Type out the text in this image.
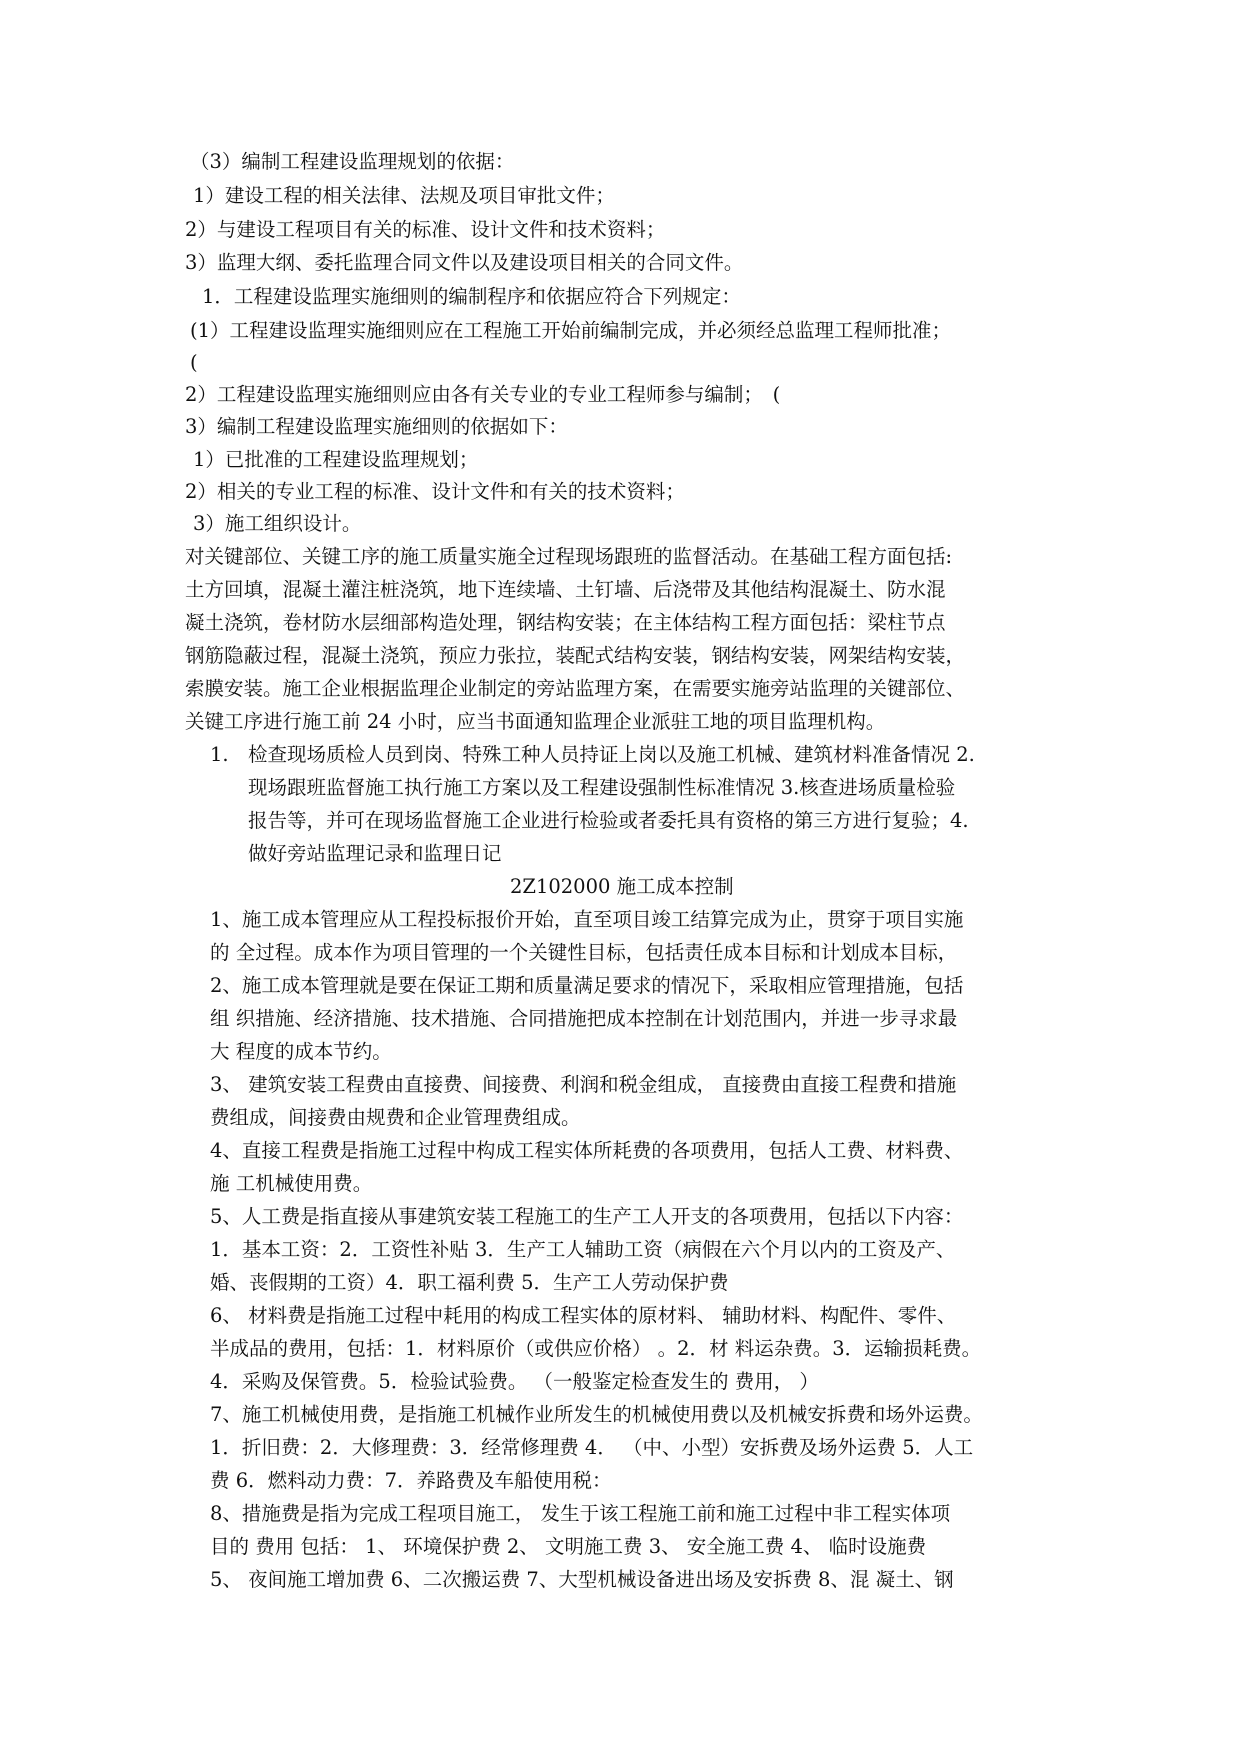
（3）编制工程建设监理规划的依据：
1）建设工程的相关法律、法规及项目审批文件；
2）与建设工程项目有关的标准、设计文件和技术资料；
3）监理大纲、委托监理合同文件以及建设项目相关的合同文件。
1．工程建设监理实施细则的编制程序和依据应符合下列规定：
(1）工程建设监理实施细则应在工程施工开始前编制完成，并必须经总监理工程师批准；
(
2）工程建设监理实施细则应由各有关专业的专业工程师参与编制；　(
3）编制工程建设监理实施细则的依据如下：
1）已批准的工程建设监理规划；
2）相关的专业工程的标准、设计文件和有关的技术资料；
3）施工组织设计。
对关键部位、关键工序的施工质量实施全过程现场跟班的监督活动。在基础工程方面包括:
土方回填，混凝土灌注桩浇筑，地下连续墙、土钉墙、后浇带及其他结构混凝土、防水混
凝土浇筑，卷材防水层细部构造处理，钢结构安装；在主体结构工程方面包括：梁柱节点
钢筋隐蔽过程，混凝土浇筑，预应力张拉，装配式结构安装，钢结构安装，网架结构安装，
索膜安装。施工企业根据监理企业制定的旁站监理方案，在需要实施旁站监理的关键部位、
关键工序进行施工前 24 小时，应当书面通知监理企业派驻工地的项目监理机构。
1. 检查现场质检人员到岗、特殊工种人员持证上岗以及施工机械、建筑材料准备情况 2.
现场跟班监督施工执行施工方案以及工程建设强制性标准情况 3.核查进场质量检验
报告等，并可在现场监督施工企业进行检验或者委托具有资格的第三方进行复验；4.
做好旁站监理记录和监理日记
2Z102000 施工成本控制
1、施工成本管理应从工程投标报价开始，直至项目竣工结算完成为止，贯穿于项目实施
的 全过程。成本作为项目管理的一个关键性目标，包括责任成本目标和计划成本目标，
2、施工成本管理就是要在保证工期和质量满足要求的情况下，采取相应管理措施，包括
组 织措施、经济措施、技术措施、合同措施把成本控制在计划范围内，并进一步寻求最
大 程度的成本节约。
3、 建筑安装工程费由直接费、间接费、利润和税金组成， 直接费由直接工程费和措施
费组成，间接费由规费和企业管理费组成。
4、直接工程费是指施工过程中构成工程实体所耗费的各项费用，包括人工费、材料费、
施 工机械使用费。
5、人工费是指直接从事建筑安装工程施工的生产工人开支的各项费用，包括以下内容：
1．基本工资：2．工资性补贴 3．生产工人辅助工资（病假在六个月以内的工资及产、
婚、丧假期的工资）4．职工福利费 5．生产工人劳动保护费
6、 材料费是指施工过程中耗用的构成工程实体的原材料、 辅助材料、构配件、零件、
半成品的费用，包括：1．材料原价（或供应价格） 。2．材 料运杂费。3．运输损耗费。
4．采购及保管费。5．检验试验费。 （一般鉴定检查发生的 费用， ）
7、施工机械使用费，是指施工机械作业所发生的机械使用费以及机械安拆费和场外运费。
1．折旧费：2．大修理费：3．经常修理费 4． （中、小型）安拆费及场外运费 5．人工
费 6．燃料动力费：7．养路费及车船使用税：
8、措施费是指为完成工程项目施工， 发生于该工程施工前和施工过程中非工程实体项
目的 费用 包括： 1、 环境保护费 2、 文明施工费 3、 安全施工费 4、 临时设施费
5、 夜间施工增加费 6、二次搬运费 7、大型机械设备进出场及安拆费 8、混 凝土、钢
